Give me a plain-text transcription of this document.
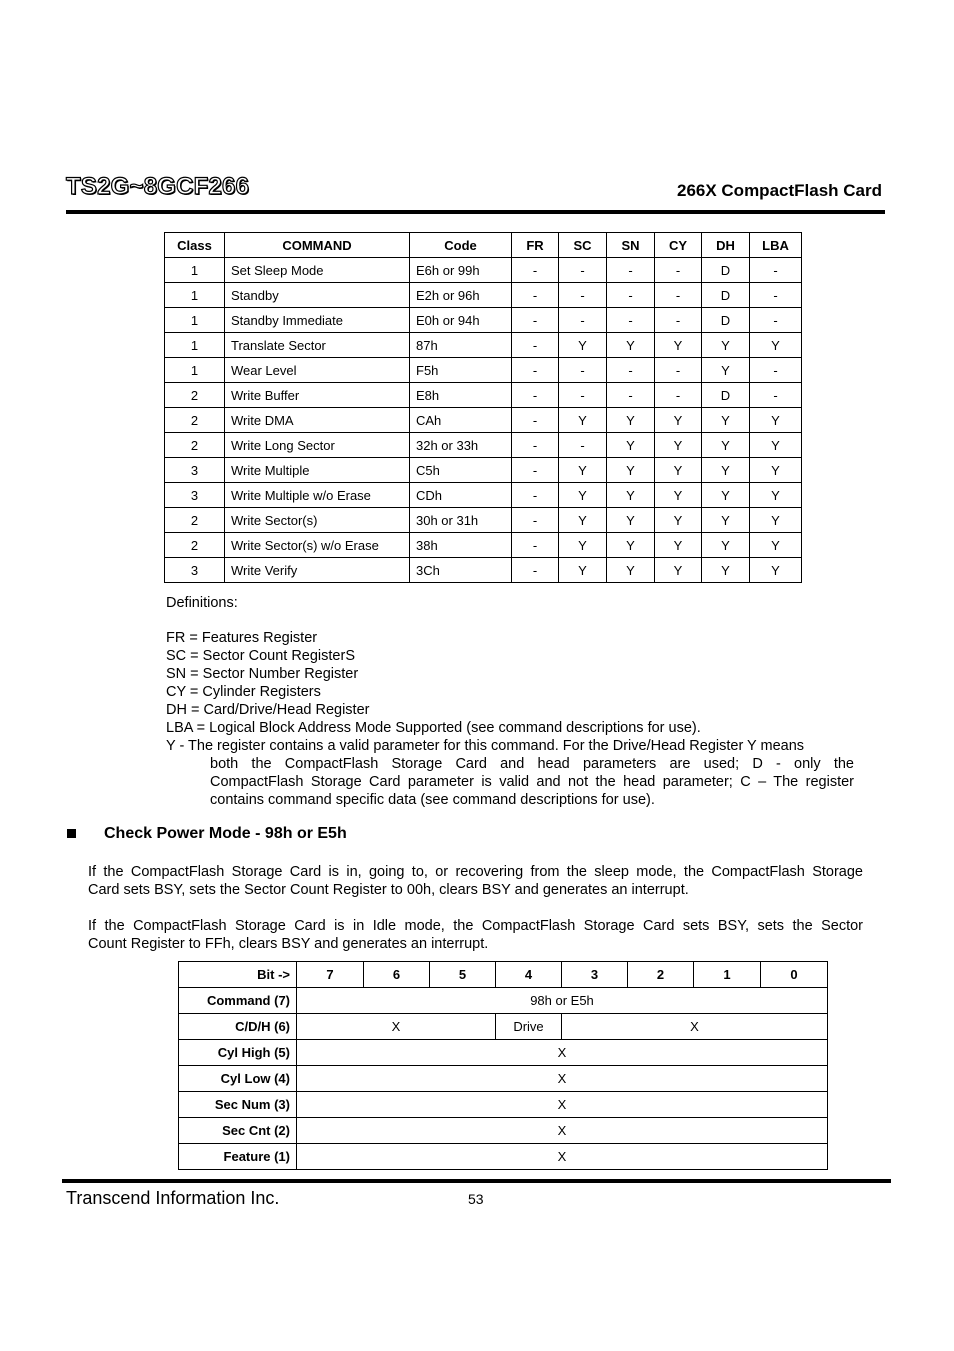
TS2G~8GCF266	266X CompactFlash Card
Class	COMMAND	Code	FR	SC	SN	CY	DH	LBA
1	Set Sleep Mode	E6h or 99h	-	-	-	-	D	-
1	Standby	E2h or 96h	-	-	-	-	D	-
1	Standby Immediate	E0h or 94h	-	-	-	-	D	-
1	Translate Sector	87h	-	Y	Y	Y	Y	Y
1	Wear Level	F5h	-	-	-	-	Y	-
2	Write Buffer	E8h	-	-	-	-	D	-
2	Write DMA	CAh	-	Y	Y	Y	Y	Y
2	Write Long Sector	32h or 33h	-	-	Y	Y	Y	Y
3	Write Multiple	C5h	-	Y	Y	Y	Y	Y
3	Write Multiple w/o Erase	CDh	-	Y	Y	Y	Y	Y
2	Write Sector(s)	30h or 31h	-	Y	Y	Y	Y	Y
2	Write Sector(s) w/o Erase	38h	-	Y	Y	Y	Y	Y
3	Write Verify	3Ch	-	Y	Y	Y	Y	Y
Definitions:
FR = Features Register
SC = Sector Count RegisterS
SN = Sector Number Register
CY = Cylinder Registers
DH = Card/Drive/Head Register
LBA = Logical Block Address Mode Supported (see command descriptions for use).
Y - The register contains a valid parameter for this command. For the Drive/Head Register Y means
both the CompactFlash Storage Card and head parameters are used; D - only the
CompactFlash Storage Card parameter is valid and not the head parameter; C – The register
contains command specific data (see command descriptions for use).
Check Power Mode - 98h or E5h
If the CompactFlash Storage Card is in, going to, or recovering from the sleep mode, the CompactFlash Storage
Card sets BSY, sets the Sector Count Register to 00h, clears BSY and generates an interrupt.
If the CompactFlash Storage Card is in Idle mode, the CompactFlash Storage Card sets BSY, sets the Sector
Count Register to FFh, clears BSY and generates an interrupt.
Bit ->	7	6	5	4	3	2	1	0
Command (7)	98h or E5h							
C/D/H (6)	X			Drive	X			
Cyl High (5)	X							
Cyl Low (4)	X							
Sec Num (3)	X							
Sec Cnt (2)	X							
Feature (1)	X							
Transcend Information Inc.	53
